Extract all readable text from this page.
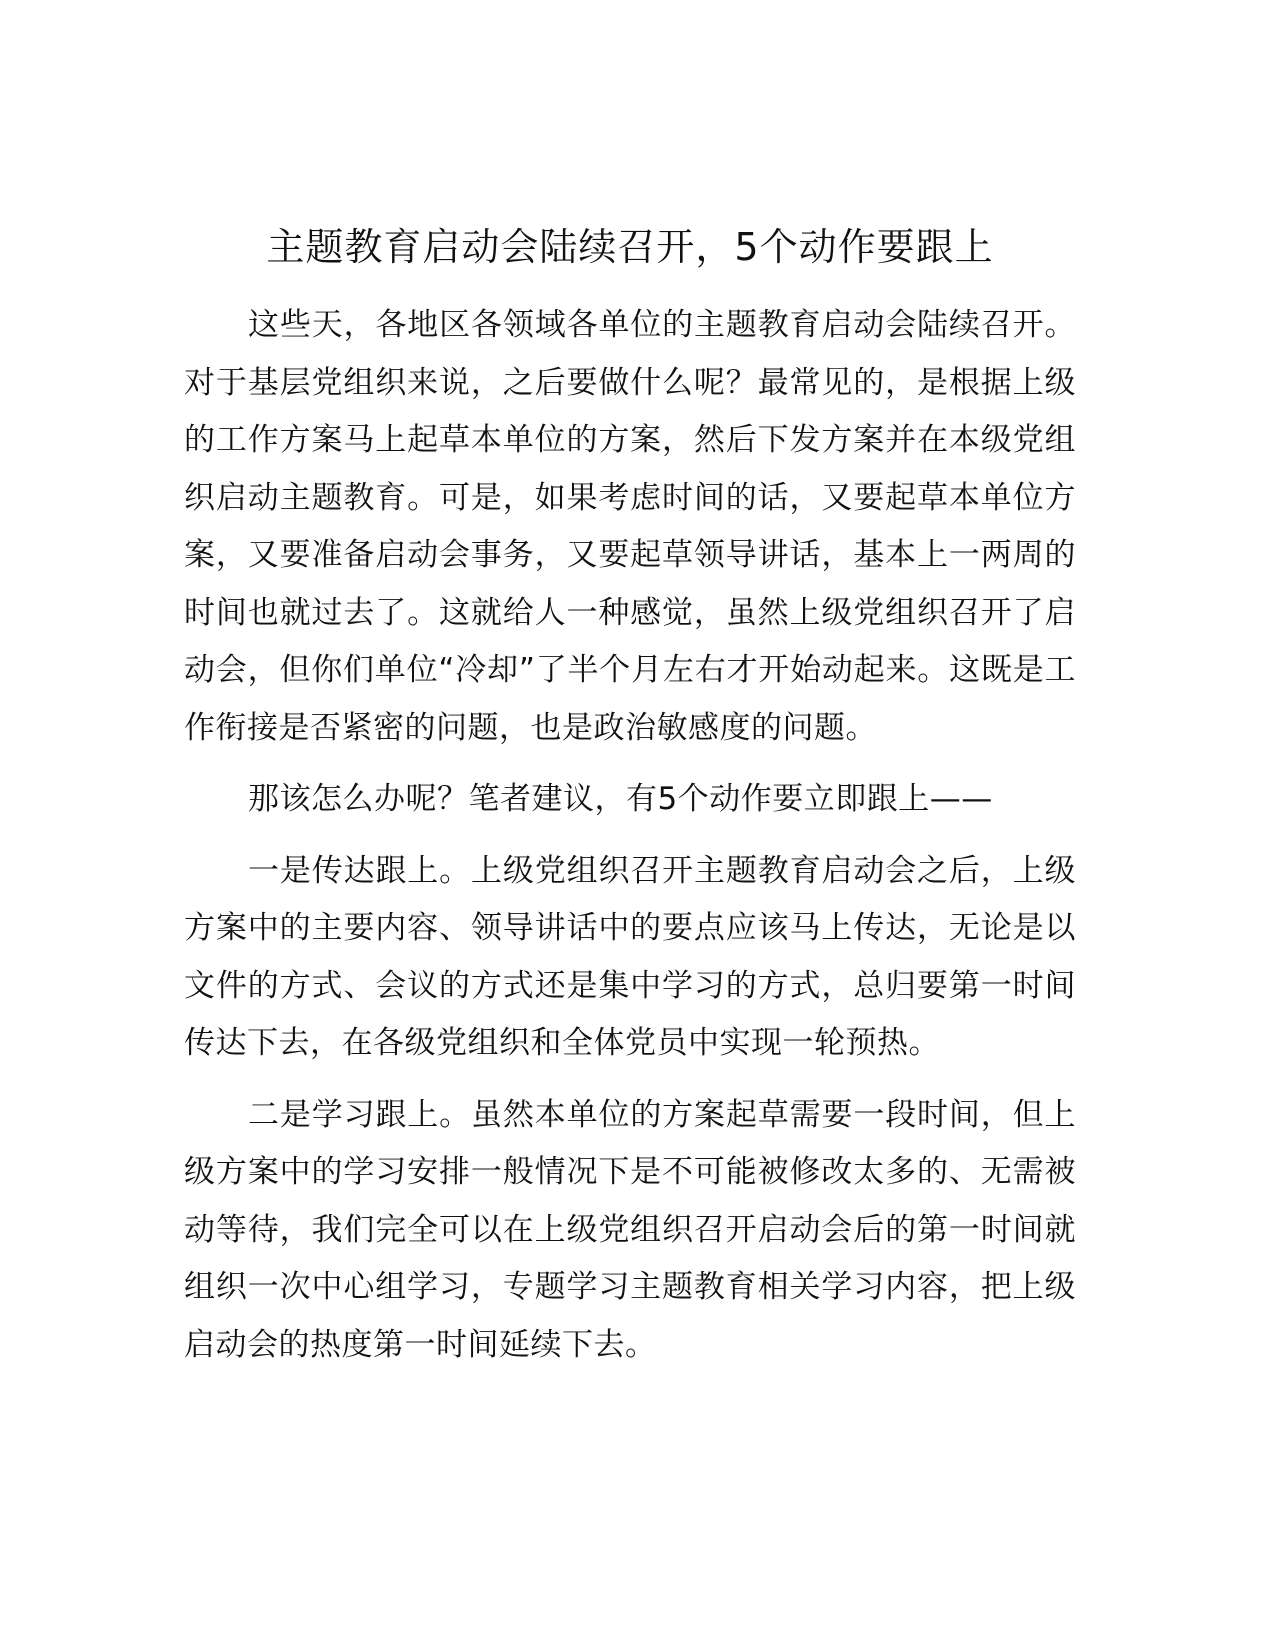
主题教育启动会陆续召开，5个动作要跟上

这些天，各地区各领域各单位的主题教育启动会陆续召开。对于基层党组织来说，之后要做什么呢？最常见的，是根据上级的工作方案马上起草本单位的方案，然后下发方案并在本级党组织启动主题教育。可是，如果考虑时间的话，又要起草本单位方案，又要准备启动会事务，又要起草领导讲话，基本上一两周的时间也就过去了。这就给人一种感觉，虽然上级党组织召开了启动会，但你们单位“冷却”了半个月左右才开始动起来。这既是工作衔接是否紧密的问题，也是政治敏感度的问题。

那该怎么办呢？笔者建议，有5个动作要立即跟上——

一是传达跟上。上级党组织召开主题教育启动会之后，上级方案中的主要内容、领导讲话中的要点应该马上传达，无论是以文件的方式、会议的方式还是集中学习的方式，总归要第一时间传达下去，在各级党组织和全体党员中实现一轮预热。

二是学习跟上。虽然本单位的方案起草需要一段时间，但上级方案中的学习安排一般情况下是不可能被修改太多的、无需被动等待，我们完全可以在上级党组织召开启动会后的第一时间就组织一次中心组学习，专题学习主题教育相关学习内容，把上级启动会的热度第一时间延续下去。
